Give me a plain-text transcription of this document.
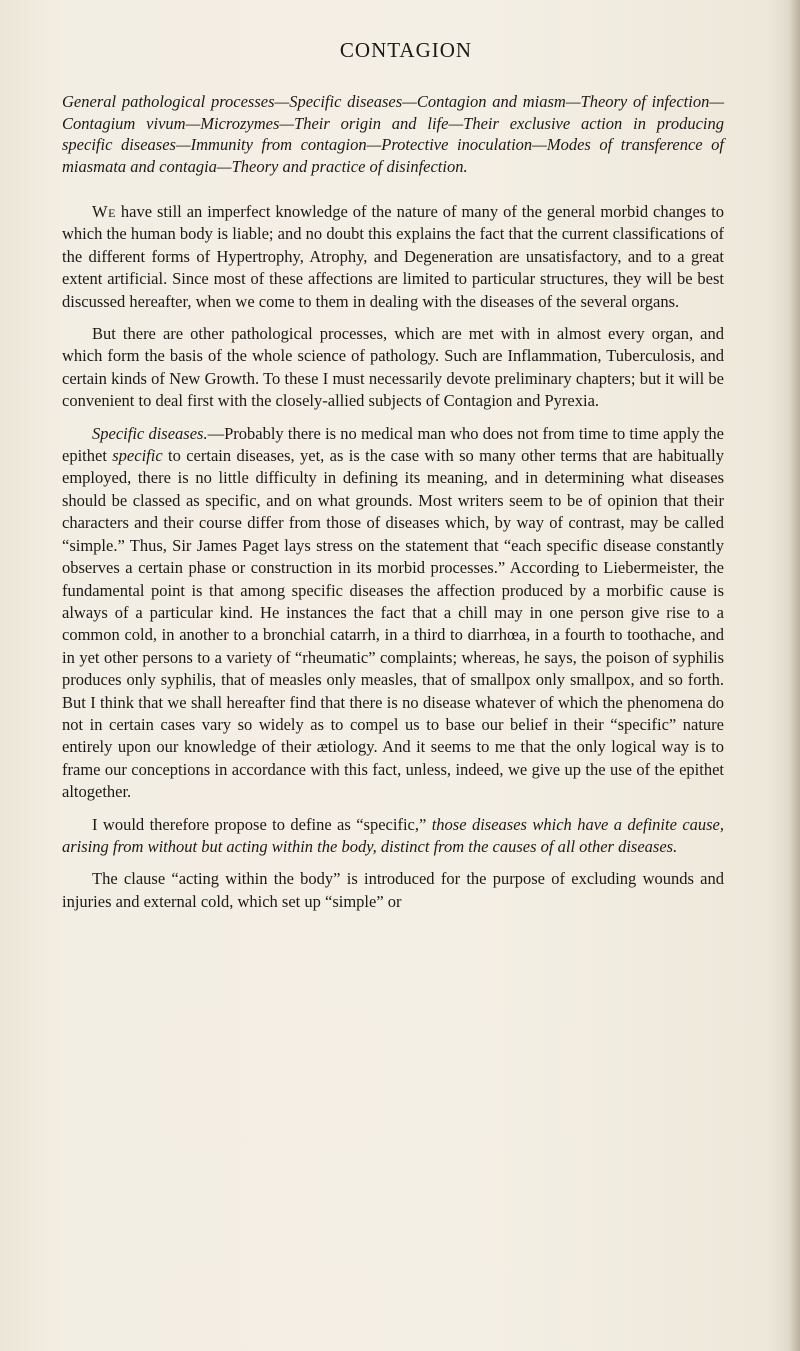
CONTAGION

General pathological processes—Specific diseases—Contagion and miasm—Theory of infection—Contagium vivum—Microzymes—Their origin and life—Their exclusive action in producing specific diseases—Immunity from contagion—Protective inoculation—Modes of transference of miasmata and contagia—Theory and practice of disinfection.

We have still an imperfect knowledge of the nature of many of the general morbid changes to which the human body is liable; and no doubt this explains the fact that the current classifications of the different forms of Hypertrophy, Atrophy, and Degeneration are unsatisfactory, and to a great extent artificial. Since most of these affections are limited to particular structures, they will be best discussed hereafter, when we come to them in dealing with the diseases of the several organs.

But there are other pathological processes, which are met with in almost every organ, and which form the basis of the whole science of pathology. Such are Inflammation, Tuberculosis, and certain kinds of New Growth. To these I must necessarily devote preliminary chapters; but it will be convenient to deal first with the closely-allied subjects of Contagion and Pyrexia.

Specific diseases.—Probably there is no medical man who does not from time to time apply the epithet specific to certain diseases, yet, as is the case with so many other terms that are habitually employed, there is no little difficulty in defining its meaning, and in determining what diseases should be classed as specific, and on what grounds. Most writers seem to be of opinion that their characters and their course differ from those of diseases which, by way of contrast, may be called “simple.” Thus, Sir James Paget lays stress on the statement that “each specific disease constantly observes a certain phase or construction in its morbid processes.” According to Liebermeister, the fundamental point is that among specific diseases the affection produced by a morbific cause is always of a particular kind. He instances the fact that a chill may in one person give rise to a common cold, in another to a bronchial catarrh, in a third to diarrhœa, in a fourth to toothache, and in yet other persons to a variety of “rheumatic” complaints; whereas, he says, the poison of syphilis produces only syphilis, that of measles only measles, that of smallpox only smallpox, and so forth. But I think that we shall hereafter find that there is no disease whatever of which the phenomena do not in certain cases vary so widely as to compel us to base our belief in their “specific” nature entirely upon our knowledge of their ætiology. And it seems to me that the only logical way is to frame our conceptions in accordance with this fact, unless, indeed, we give up the use of the epithet altogether.

I would therefore propose to define as “specific,” those diseases which have a definite cause, arising from without but acting within the body, distinct from the causes of all other diseases.

The clause “acting within the body” is introduced for the purpose of excluding wounds and injuries and external cold, which set up “simple” or
